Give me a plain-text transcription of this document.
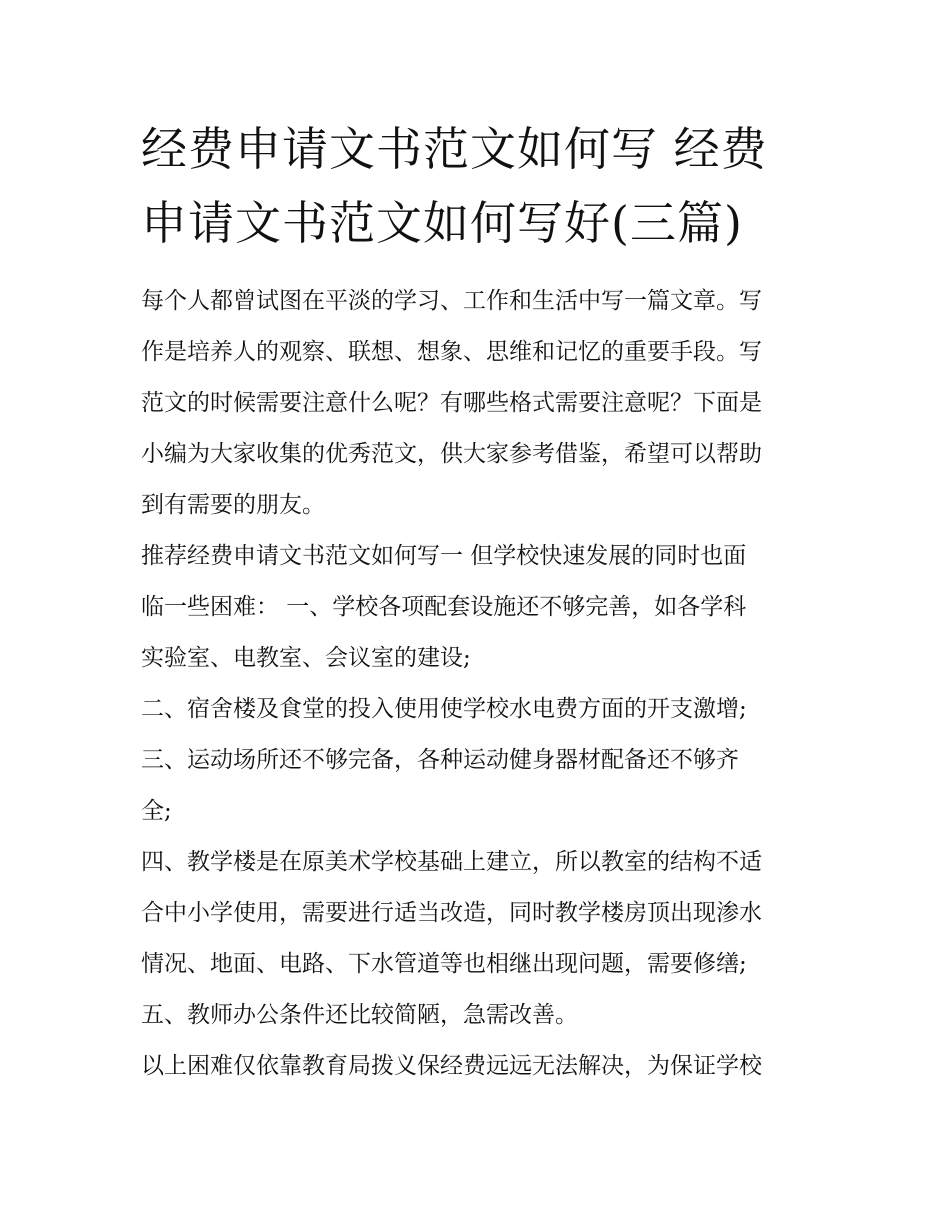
经费申请文书范文如何写 经费
申请文书范文如何写好(三篇)

每个人都曾试图在平淡的学习、工作和生活中写一篇文章。写
作是培养人的观察、联想、想象、思维和记忆的重要手段。写
范文的时候需要注意什么呢？有哪些格式需要注意呢？下面是
小编为大家收集的优秀范文，供大家参考借鉴，希望可以帮助
到有需要的朋友。

推荐经费申请文书范文如何写一 但学校快速发展的同时也面
临一些困难： 一、学校各项配套设施还不够完善，如各学科
实验室、电教室、会议室的建设;

二、宿舍楼及食堂的投入使用使学校水电费方面的开支激增;

三、运动场所还不够完备，各种运动健身器材配备还不够齐
全;

四、教学楼是在原美术学校基础上建立，所以教室的结构不适
合中小学使用，需要进行适当改造，同时教学楼房顶出现渗水
情况、地面、电路、下水管道等也相继出现问题，需要修缮;

五、教师办公条件还比较简陋，急需改善。

以上困难仅依靠教育局拨义保经费远远无法解决，为保证学校
